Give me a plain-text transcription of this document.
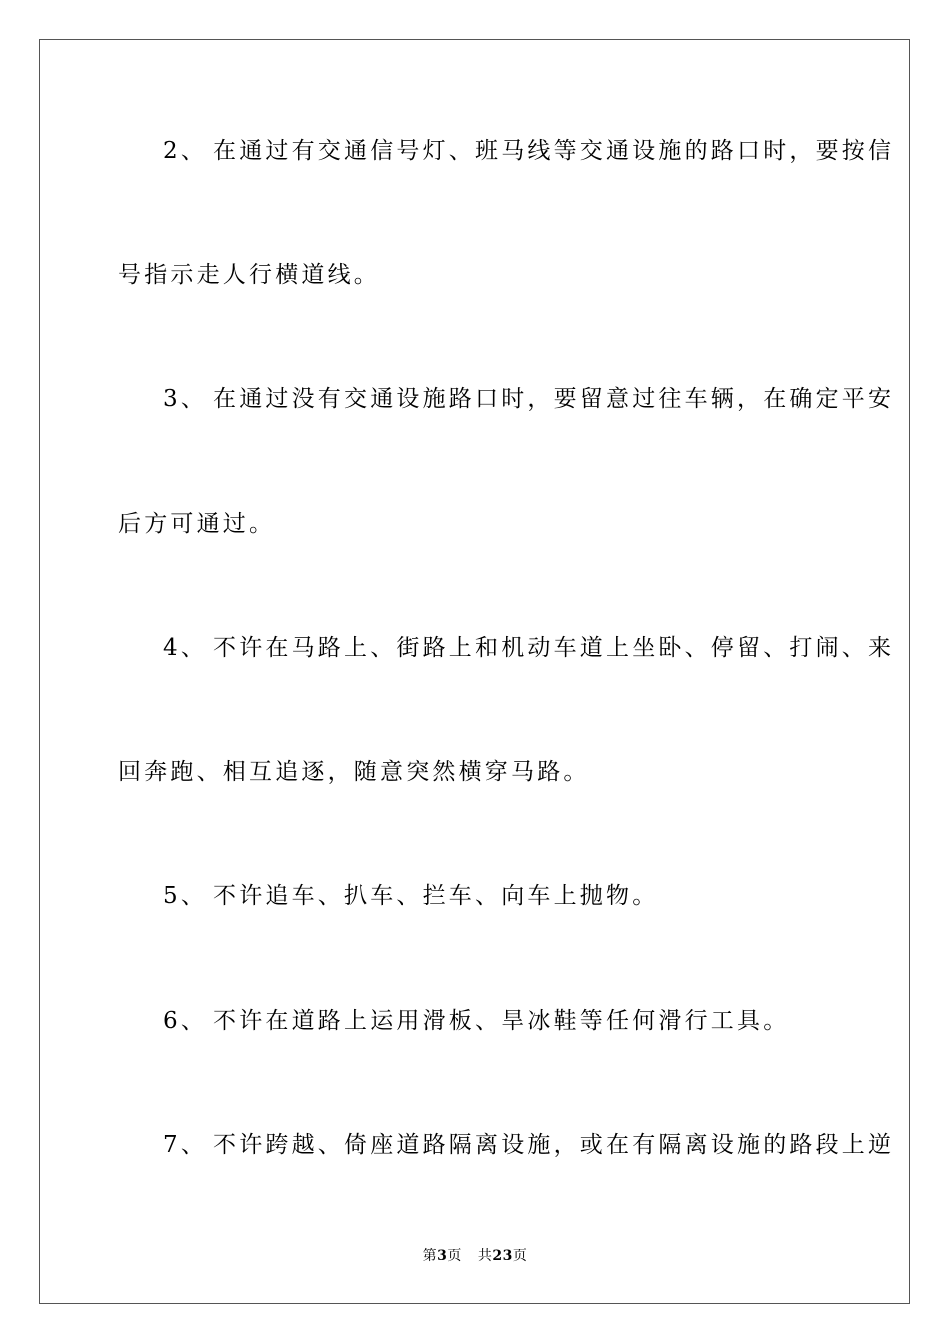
2、 在通过有交通信号灯、班马线等交通设施的路口时，要按信
号指示走人行横道线。
3、 在通过没有交通设施路口时，要留意过往车辆，在确定平安
后方可通过。
4、 不许在马路上、街路上和机动车道上坐卧、停留、打闹、来
回奔跑、相互追逐，随意突然横穿马路。
5、 不许追车、扒车、拦车、向车上抛物。
6、 不许在道路上运用滑板、旱冰鞋等任何滑行工具。
7、 不许跨越、倚座道路隔离设施，或在有隔离设施的路段上逆
第3页 共23页
